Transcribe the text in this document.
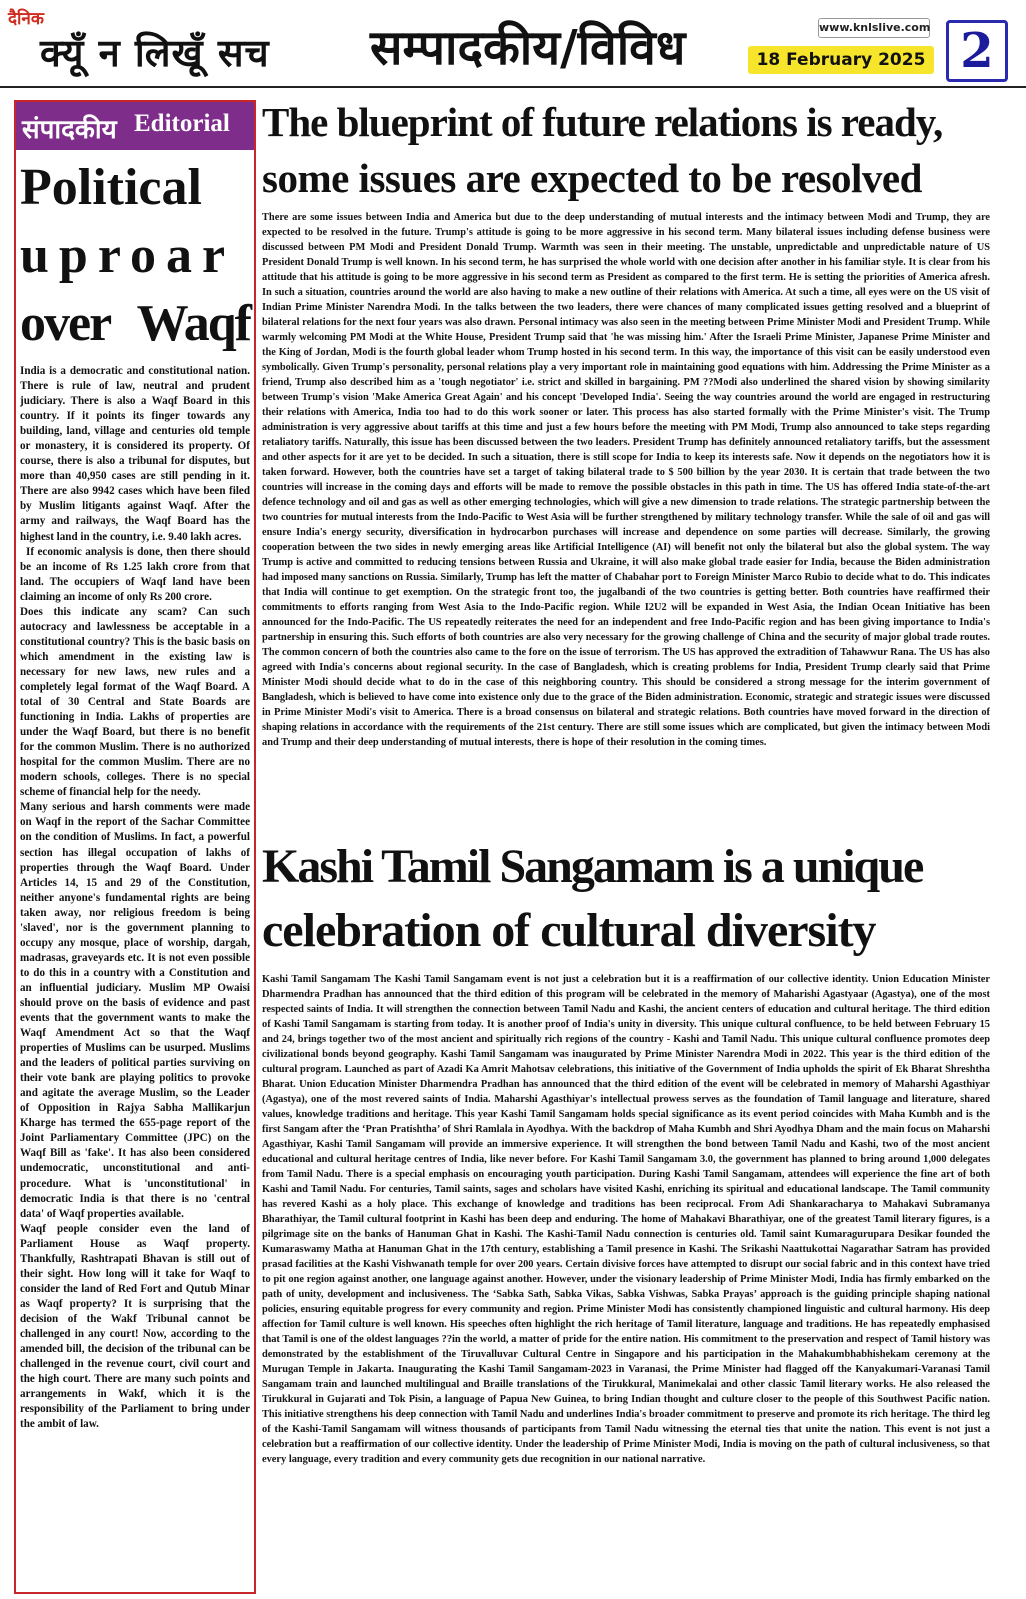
दैनिक
क्यूँ न लिखूँ सच सम्पादकीय/विविध	www.knlslive.com
18 February 2025 2
संपादकीय Editorial
Political
uproar
over Waqf

India is a democratic and constitutional nation. There is rule of law, neutral and prudent judiciary. There is also a Waqf Board in this country. If it points its finger towards any building, land, village and centuries old temple or monastery, it is considered its property. Of course, there is also a tribunal for disputes, but more than 40,950 cases are still pending in it. There are also 9942 cases which have been filed by Muslim litigants against Waqf. After the army and railways, the Waqf Board has the highest land in the country, i.e. 9.40 lakh acres.

If economic analysis is done, then there should be an income of Rs 1.25 lakh crore from that land. The occupiers of Waqf land have been claiming an income of only Rs 200 crore.

Does this indicate any scam? Can such autocracy and lawlessness be acceptable in a constitutional country? This is the basic basis on which amendment in the existing law is necessary for new laws, new rules and a completely legal format of the Waqf Board. A total of 30 Central and State Boards are functioning in India. Lakhs of properties are under the Waqf Board, but there is no benefit for the common Muslim. There is no authorized hospital for the common Muslim. There are no modern schools, colleges. There is no special scheme of financial help for the needy.

Many serious and harsh comments were made on Waqf in the report of the Sachar Committee on the condition of Muslims. In fact, a powerful section has illegal occupation of lakhs of properties through the Waqf Board. Under Articles 14, 15 and 29 of the Constitution, neither anyone's fundamental rights are being taken away, nor religious freedom is being 'slaved', nor is the government planning to occupy any mosque, place of worship, dargah, madrasas, graveyards etc. It is not even possible to do this in a country with a Constitution and an influential judiciary. Muslim MP Owaisi should prove on the basis of evidence and past events that the government wants to make the Waqf Amendment Act so that the Waqf properties of Muslims can be usurped. Muslims and the leaders of political parties surviving on their vote bank are playing politics to provoke and agitate the average Muslim, so the Leader of Opposition in Rajya Sabha Mallikarjun Kharge has termed the 655-page report of the Joint Parliamentary Committee (JPC) on the Waqf Bill as 'fake'. It has also been considered undemocratic, unconstitutional and anti-procedure. What is 'unconstitutional' in democratic India is that there is no 'central data' of Waqf properties available.

Waqf people consider even the land of Parliament House as Waqf property. Thankfully, Rashtrapati Bhavan is still out of their sight. How long will it take for Waqf to consider the land of Red Fort and Qutub Minar as Waqf property? It is surprising that the decision of the Wakf Tribunal cannot be challenged in any court! Now, according to the amended bill, the decision of the tribunal can be challenged in the revenue court, civil court and the high court. There are many such points and arrangements in Wakf, which it is the responsibility of the Parliament to bring under the ambit of law.

The blueprint of future relations is ready,
some issues are expected to be resolved
There are some issues between India and America but due to the deep understanding of mutual interests and the intimacy between Modi and Trump, they are expected to be resolved in the future. Trump's attitude is going to be more aggressive in his second term. Many bilateral issues including defense business were discussed between PM Modi and President Donald Trump. Warmth was seen in their meeting. The unstable, unpredictable and unpredictable nature of US President Donald Trump is well known. In his second term, he has surprised the whole world with one decision after another in his familiar style. It is clear from his attitude that his attitude is going to be more aggressive in his second term as President as compared to the first term. He is setting the priorities of America afresh. In such a situation, countries around the world are also having to make a new outline of their relations with America. At such a time, all eyes were on the US visit of Indian Prime Minister Narendra Modi. In the talks between the two leaders, there were chances of many complicated issues getting resolved and a blueprint of bilateral relations for the next four years was also drawn. Personal intimacy was also seen in the meeting between Prime Minister Modi and President Trump. While warmly welcoming PM Modi at the White House, President Trump said that 'he was missing him.' After the Israeli Prime Minister, Japanese Prime Minister and the King of Jordan, Modi is the fourth global leader whom Trump hosted in his second term. In this way, the importance of this visit can be easily understood even symbolically. Given Trump's personality, personal relations play a very important role in maintaining good equations with him. Addressing the Prime Minister as a friend, Trump also described him as a 'tough negotiator' i.e. strict and skilled in bargaining. PM ??Modi also underlined the shared vision by showing similarity between Trump's vision 'Make America Great Again' and his concept 'Developed India'. Seeing the way countries around the world are engaged in restructuring their relations with America, India too had to do this work sooner or later. This process has also started formally with the Prime Minister's visit. The Trump administration is very aggressive about tariffs at this time and just a few hours before the meeting with PM Modi, Trump also announced to take steps regarding retaliatory tariffs. Naturally, this issue has been discussed between the two leaders. President Trump has definitely announced retaliatory tariffs, but the assessment and other aspects for it are yet to be decided. In such a situation, there is still scope for India to keep its interests safe. Now it depends on the negotiators how it is taken forward. However, both the countries have set a target of taking bilateral trade to $ 500 billion by the year 2030. It is certain that trade between the two countries will increase in the coming days and efforts will be made to remove the possible obstacles in this path in time. The US has offered India state-of-the-art defence technology and oil and gas as well as other emerging technologies, which will give a new dimension to trade relations. The strategic partnership between the two countries for mutual interests from the Indo-Pacific to West Asia will be further strengthened by military technology transfer. While the sale of oil and gas will ensure India's energy security, diversification in hydrocarbon purchases will increase and dependence on some parties will decrease. Similarly, the growing cooperation between the two sides in newly emerging areas like Artificial Intelligence (AI) will benefit not only the bilateral but also the global system. The way Trump is active and committed to reducing tensions between Russia and Ukraine, it will also make global trade easier for India, because the Biden administration had imposed many sanctions on Russia. Similarly, Trump has left the matter of Chabahar port to Foreign Minister Marco Rubio to decide what to do. This indicates that India will continue to get exemption. On the strategic front too, the jugalbandi of the two countries is getting better. Both countries have reaffirmed their commitments to efforts ranging from West Asia to the Indo-Pacific region. While I2U2 will be expanded in West Asia, the Indian Ocean Initiative has been announced for the Indo-Pacific. The US repeatedly reiterates the need for an independent and free Indo-Pacific region and has been giving importance to India's partnership in ensuring this. Such efforts of both countries are also very necessary for the growing challenge of China and the security of major global trade routes. The common concern of both the countries also came to the fore on the issue of terrorism. The US has approved the extradition of Tahawwur Rana. The US has also agreed with India's concerns about regional security. In the case of Bangladesh, which is creating problems for India, President Trump clearly said that Prime Minister Modi should decide what to do in the case of this neighboring country. This should be considered a strong message for the interim government of Bangladesh, which is believed to have come into existence only due to the grace of the Biden administration. Economic, strategic and strategic issues were discussed in Prime Minister Modi's visit to America. There is a broad consensus on bilateral and strategic relations. Both countries have moved forward in the direction of shaping relations in accordance with the requirements of the 21st century. There are still some issues which are complicated, but given the intimacy between Modi and Trump and their deep understanding of mutual interests, there is hope of their resolution in the coming times.
Kashi Tamil Sangamam is a unique
celebration of cultural diversity
Kashi Tamil Sangamam The Kashi Tamil Sangamam event is not just a celebration but it is a reaffirmation of our collective identity. Union Education Minister Dharmendra Pradhan has announced that the third edition of this program will be celebrated in the memory of Maharishi Agastyaar (Agastya), one of the most respected saints of India. It will strengthen the connection between Tamil Nadu and Kashi, the ancient centers of education and cultural heritage. The third edition of Kashi Tamil Sangamam is starting from today. It is another proof of India's unity in diversity. This unique cultural confluence, to be held between February 15 and 24, brings together two of the most ancient and spiritually rich regions of the country - Kashi and Tamil Nadu. This unique cultural confluence promotes deep civilizational bonds beyond geography. Kashi Tamil Sangamam was inaugurated by Prime Minister Narendra Modi in 2022. This year is the third edition of the cultural program. Launched as part of Azadi Ka Amrit Mahotsav celebrations, this initiative of the Government of India upholds the spirit of Ek Bharat Shreshtha Bharat. Union Education Minister Dharmendra Pradhan has announced that the third edition of the event will be celebrated in memory of Maharshi Agasthiyar (Agastya), one of the most revered saints of India. Maharshi Agasthiyar's intellectual prowess serves as the foundation of Tamil language and literature, shared values, knowledge traditions and heritage. This year Kashi Tamil Sangamam holds special significance as its event period coincides with Maha Kumbh and is the first Sangam after the ‘Pran Pratishtha’ of Shri Ramlala in Ayodhya. With the backdrop of Maha Kumbh and Shri Ayodhya Dham and the main focus on Maharshi Agasthiyar, Kashi Tamil Sangamam will provide an immersive experience. It will strengthen the bond between Tamil Nadu and Kashi, two of the most ancient educational and cultural heritage centres of India, like never before. For Kashi Tamil Sangamam 3.0, the government has planned to bring around 1,000 delegates from Tamil Nadu. There is a special emphasis on encouraging youth participation. During Kashi Tamil Sangamam, attendees will experience the fine art of both Kashi and Tamil Nadu. For centuries, Tamil saints, sages and scholars have visited Kashi, enriching its spiritual and educational landscape. The Tamil community has revered Kashi as a holy place. This exchange of knowledge and traditions has been reciprocal. From Adi Shankaracharya to Mahakavi Subramanya Bharathiyar, the Tamil cultural footprint in Kashi has been deep and enduring. The home of Mahakavi Bharathiyar, one of the greatest Tamil literary figures, is a pilgrimage site on the banks of Hanuman Ghat in Kashi. The Kashi-Tamil Nadu connection is centuries old. Tamil saint Kumaragurupara Desikar founded the Kumaraswamy Matha at Hanuman Ghat in the 17th century, establishing a Tamil presence in Kashi. The Srikashi Naattukottai Nagarathar Satram has provided prasad facilities at the Kashi Vishwanath temple for over 200 years. Certain divisive forces have attempted to disrupt our social fabric and in this context have tried to pit one region against another, one language against another. However, under the visionary leadership of Prime Minister Modi, India has firmly embarked on the path of unity, development and inclusiveness. The ‘Sabka Sath, Sabka Vikas, Sabka Vishwas, Sabka Prayas’ approach is the guiding principle shaping national policies, ensuring equitable progress for every community and region. Prime Minister Modi has consistently championed linguistic and cultural harmony. His deep affection for Tamil culture is well known. His speeches often highlight the rich heritage of Tamil literature, language and traditions. He has repeatedly emphasised that Tamil is one of the oldest languages ??in the world, a matter of pride for the entire nation. His commitment to the preservation and respect of Tamil history was demonstrated by the establishment of the Tiruvalluvar Cultural Centre in Singapore and his participation in the Mahakumbhabhishekam ceremony at the Murugan Temple in Jakarta. Inaugurating the Kashi Tamil Sangamam-2023 in Varanasi, the Prime Minister had flagged off the Kanyakumari-Varanasi Tamil Sangamam train and launched multilingual and Braille translations of the Tirukkural, Manimekalai and other classic Tamil literary works. He also released the Tirukkural in Gujarati and Tok Pisin, a language of Papua New Guinea, to bring Indian thought and culture closer to the people of this Southwest Pacific nation. This initiative strengthens his deep connection with Tamil Nadu and underlines India's broader commitment to preserve and promote its rich heritage. The third leg of the Kashi-Tamil Sangamam will witness thousands of participants from Tamil Nadu witnessing the eternal ties that unite the nation. This event is not just a celebration but a reaffirmation of our collective identity. Under the leadership of Prime Minister Modi, India is moving on the path of cultural inclusiveness, so that every language, every tradition and every community gets due recognition in our national narrative.
